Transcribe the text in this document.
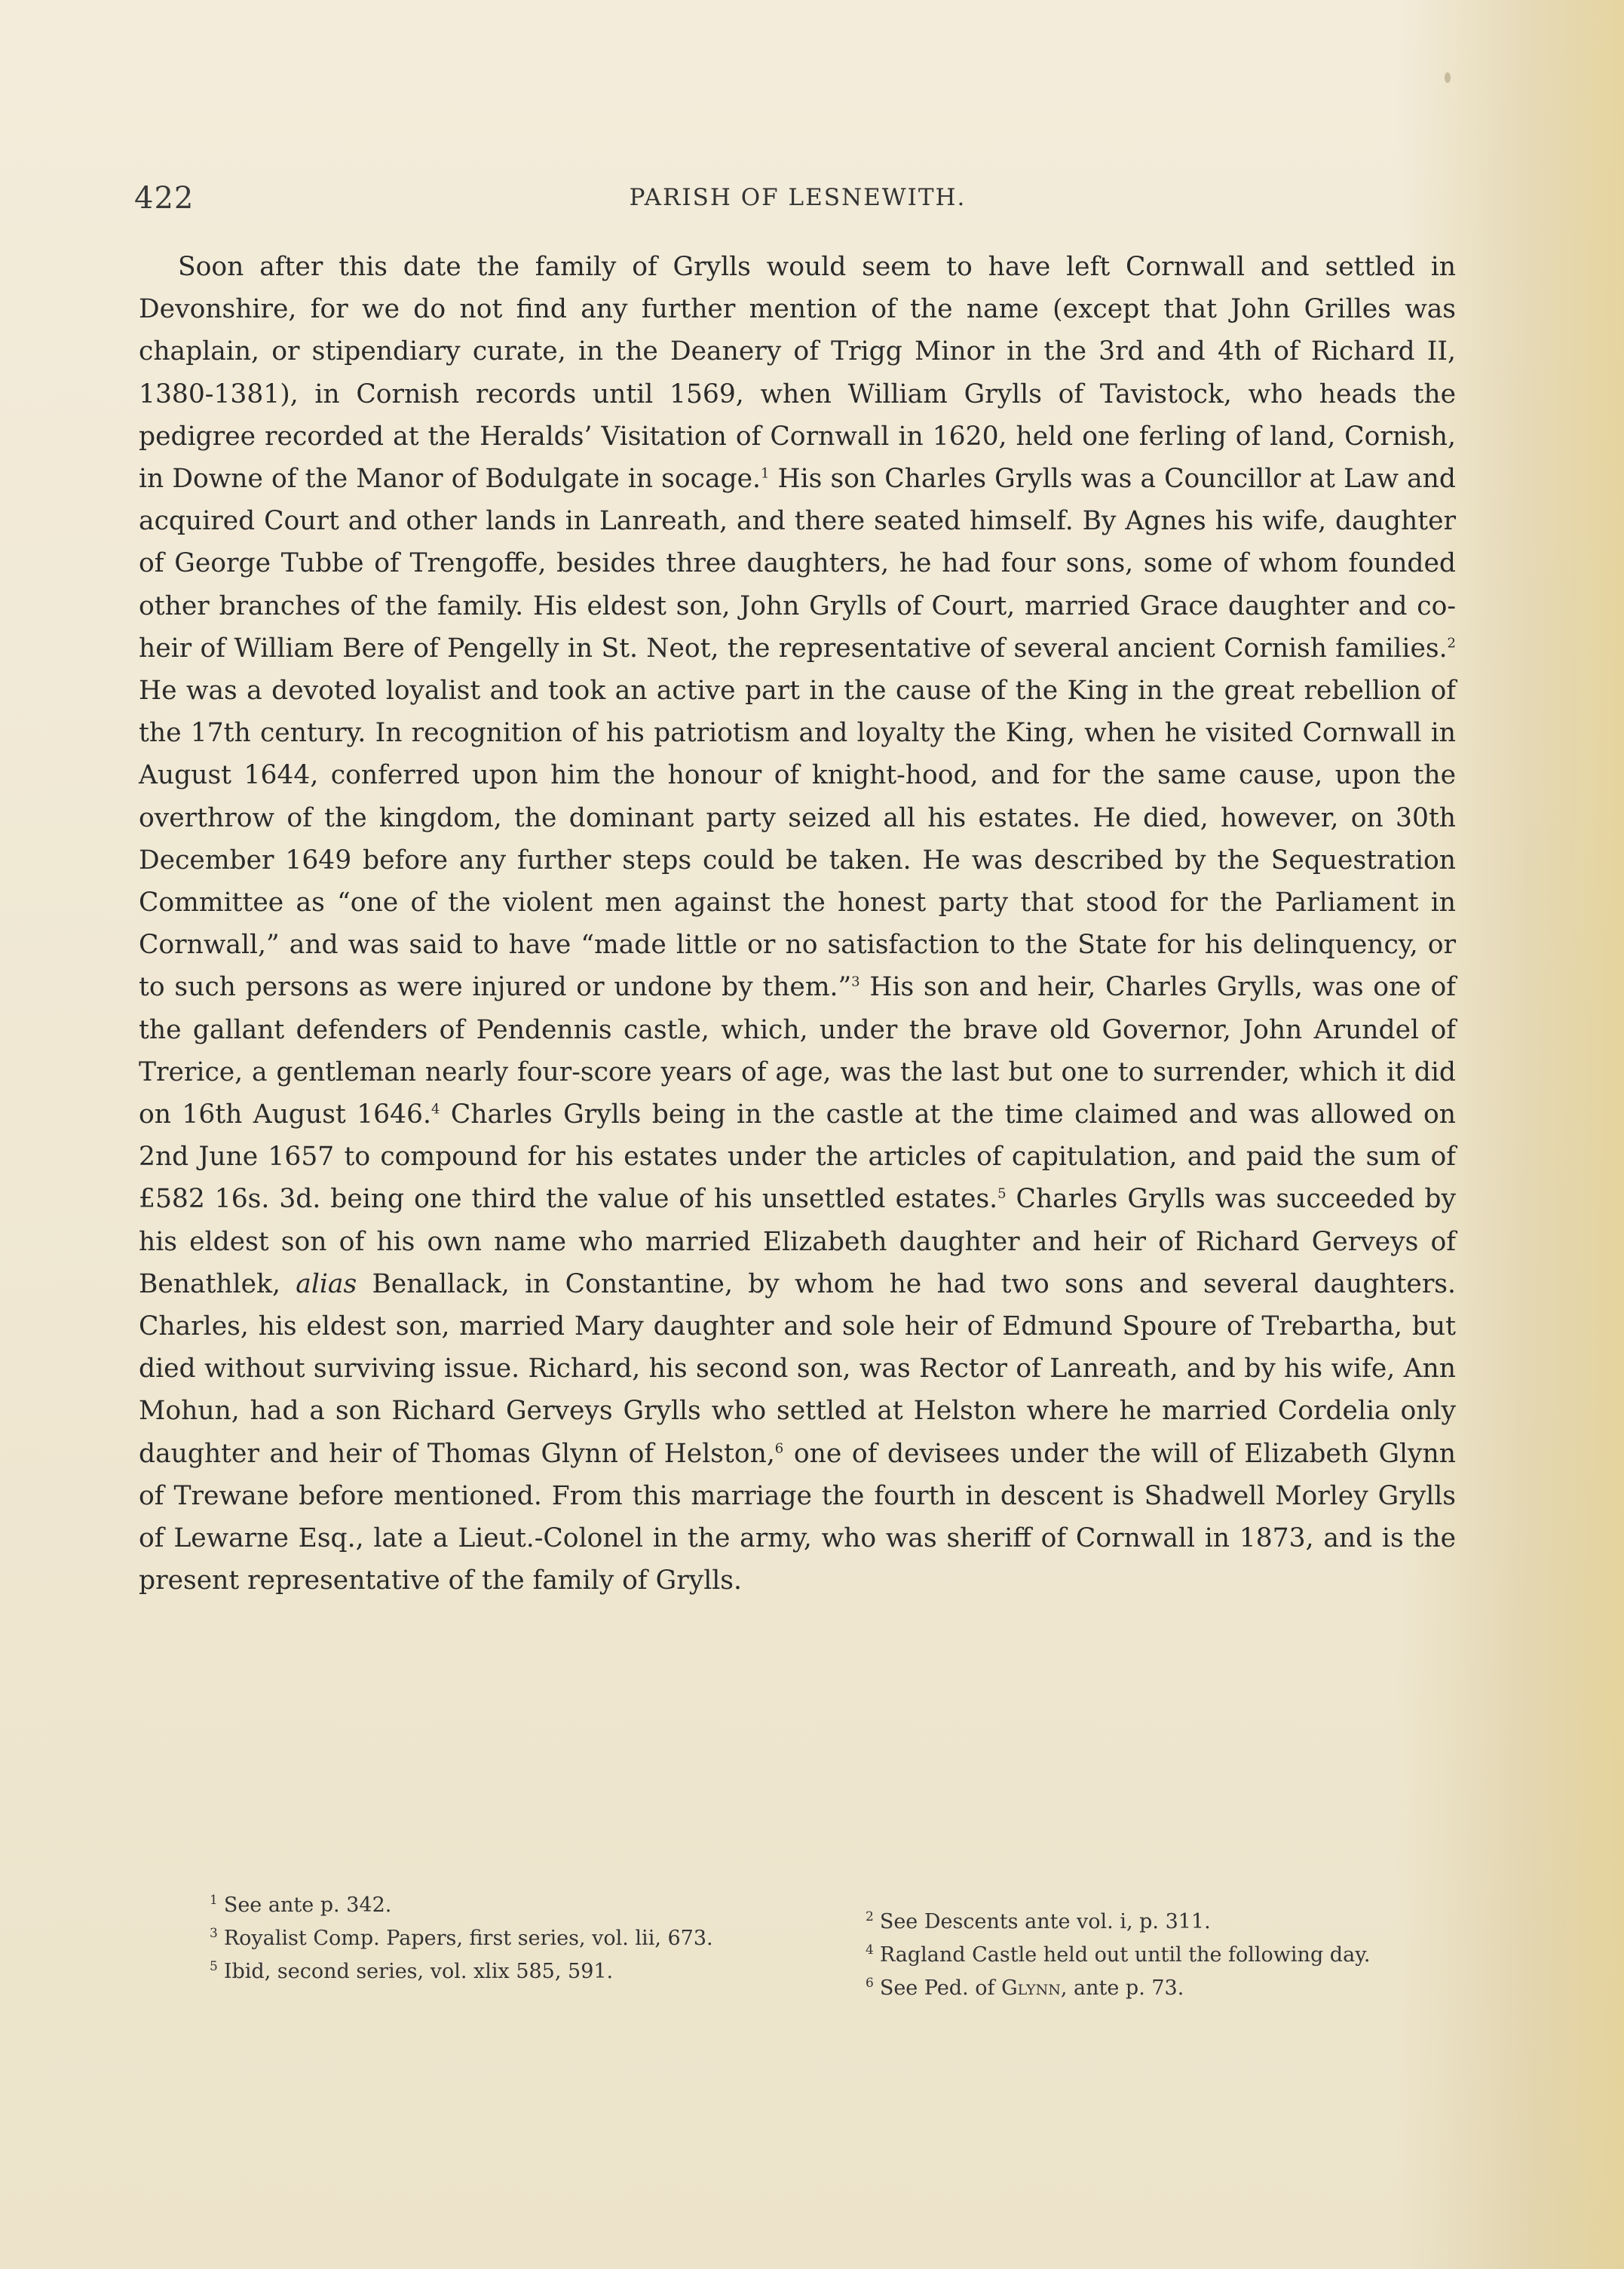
422	PARISH OF LESNEWITH.

Soon after this date the family of Grylls would seem to have left Cornwall and settled in Devonshire, for we do not find any further mention of the name (except that John Grilles was chaplain, or stipendiary curate, in the Deanery of Trigg Minor in the 3rd and 4th of Richard II, 1380-1381), in Cornish records until 1569, when William Grylls of Tavistock, who heads the pedigree recorded at the Heralds’ Visitation of Cornwall in 1620, held one ferling of land, Cornish, in Downe of the Manor of Bodulgate in socage.$^1$ His son Charles Grylls was a Councillor at Law and acquired Court and other lands in Lanreath, and there seated himself. By Agnes his wife, daughter of George Tubbe of Trengoffe, besides three daughters, he had four sons, some of whom founded other branches of the family. His eldest son, John Grylls of Court, married Grace daughter and co-heir of William Bere of Pengelly in St. Neot, the representative of several ancient Cornish families.$^2$ He was a devoted loyalist and took an active part in the cause of the King in the great rebellion of the 17th century. In recognition of his patriotism and loyalty the King, when he visited Cornwall in August 1644, conferred upon him the honour of knight-hood, and for the same cause, upon the overthrow of the kingdom, the dominant party seized all his estates. He died, however, on 30th December 1649 before any further steps could be taken. He was described by the Sequestration Committee as “one of the violent men against the honest party that stood for the Parliament in Cornwall,” and was said to have “made little or no satisfaction to the State for his delinquency, or to such persons as were injured or undone by them.”$^3$ His son and heir, Charles Grylls, was one of the gallant defenders of Pendennis castle, which, under the brave old Governor, John Arundel of Trerice, a gentleman nearly four-score years of age, was the last but one to surrender, which it did on 16th August 1646.$^4$ Charles Grylls being in the castle at the time claimed and was allowed on 2nd June 1657 to compound for his estates under the articles of capitulation, and paid the sum of £582 16s. 3d. being one third the value of his unsettled estates.$^5$ Charles Grylls was succeeded by his eldest son of his own name who married Elizabeth daughter and heir of Richard Gerveys of Benathlek, alias Benallack, in Constantine, by whom he had two sons and several daughters. Charles, his eldest son, married Mary daughter and sole heir of Edmund Spoure of Trebartha, but died without surviving issue. Richard, his second son, was Rector of Lanreath, and by his wife, Ann Mohun, had a son Richard Gerveys Grylls who settled at Helston where he married Cordelia only daughter and heir of Thomas Glynn of Helston,$^6$ one of devisees under the will of Elizabeth Glynn of Trewane before mentioned. From this marriage the fourth in descent is Shadwell Morley Grylls of Lewarne Esq., late a Lieut.-Colonel in the army, who was sheriff of Cornwall in 1873, and is the present representative of the family of Grylls.

$^1$ See ante p. 342.
$^3$ Royalist Comp. Papers, first series, vol. lii, 673.
$^5$ Ibid, second series, vol. xlix 585, 591.
$^2$ See Descents ante vol. i, p. 311.
$^4$ Ragland Castle held out until the following day.
$^6$ See Ped. of Glynn, ante p. 73.
